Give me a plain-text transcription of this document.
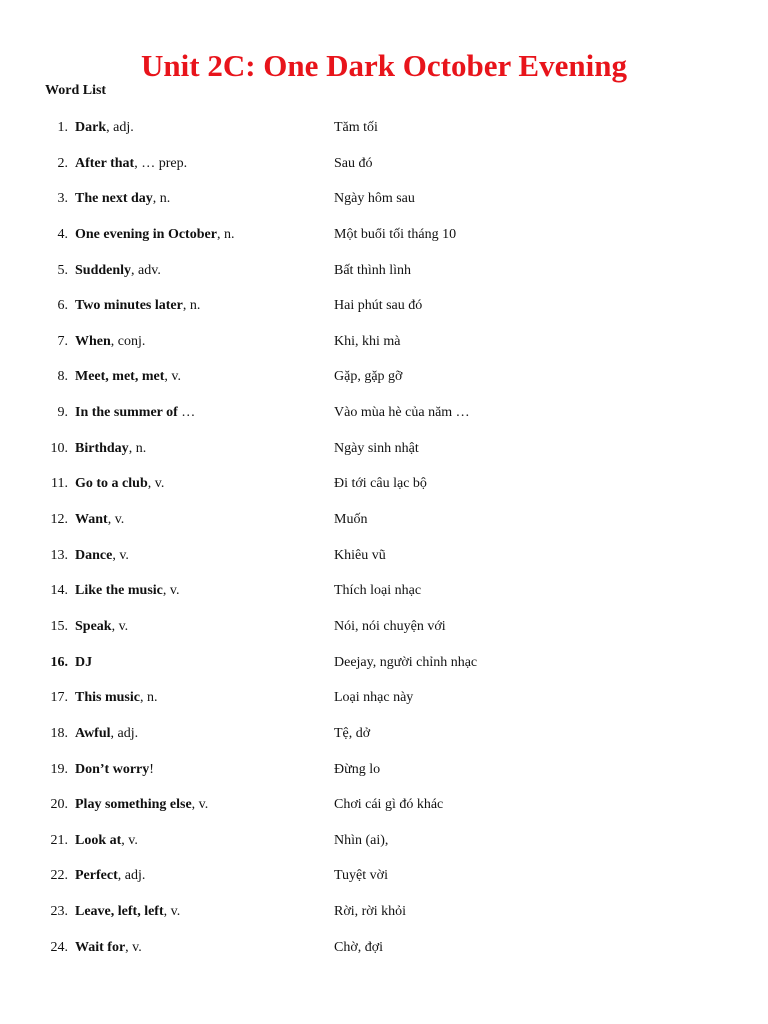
Unit 2C: One Dark October Evening
Word List
1. Dark, adj.	Tăm tối
2. After that, … prep.	Sau đó
3. The next day, n.	Ngày hôm sau
4. One evening in October, n.	Một buổi tối tháng 10
5. Suddenly, adv.	Bất thình lình
6. Two minutes later, n.	Hai phút sau đó
7. When, conj.	Khi, khi mà
8. Meet, met, met, v.	Gặp, gặp gỡ
9. In the summer of …	Vào mùa hè của năm …
10. Birthday, n.	Ngày sinh nhật
11. Go to a club, v.	Đi tới câu lạc bộ
12. Want, v.	Muốn
13. Dance, v.	Khiêu vũ
14. Like the music, v.	Thích loại nhạc
15. Speak, v.	Nói, nói chuyện với
16. DJ	Deejay, người chỉnh nhạc
17. This music, n.	Loại nhạc này
18. Awful, adj.	Tệ, dở
19. Don’t worry!	Đừng lo
20. Play something else, v.	Chơi cái gì đó khác
21. Look at, v.	Nhìn (ai),
22. Perfect, adj.	Tuyệt vời
23. Leave, left, left, v.	Rời, rời khỏi
24. Wait for, v.	Chờ, đợi
